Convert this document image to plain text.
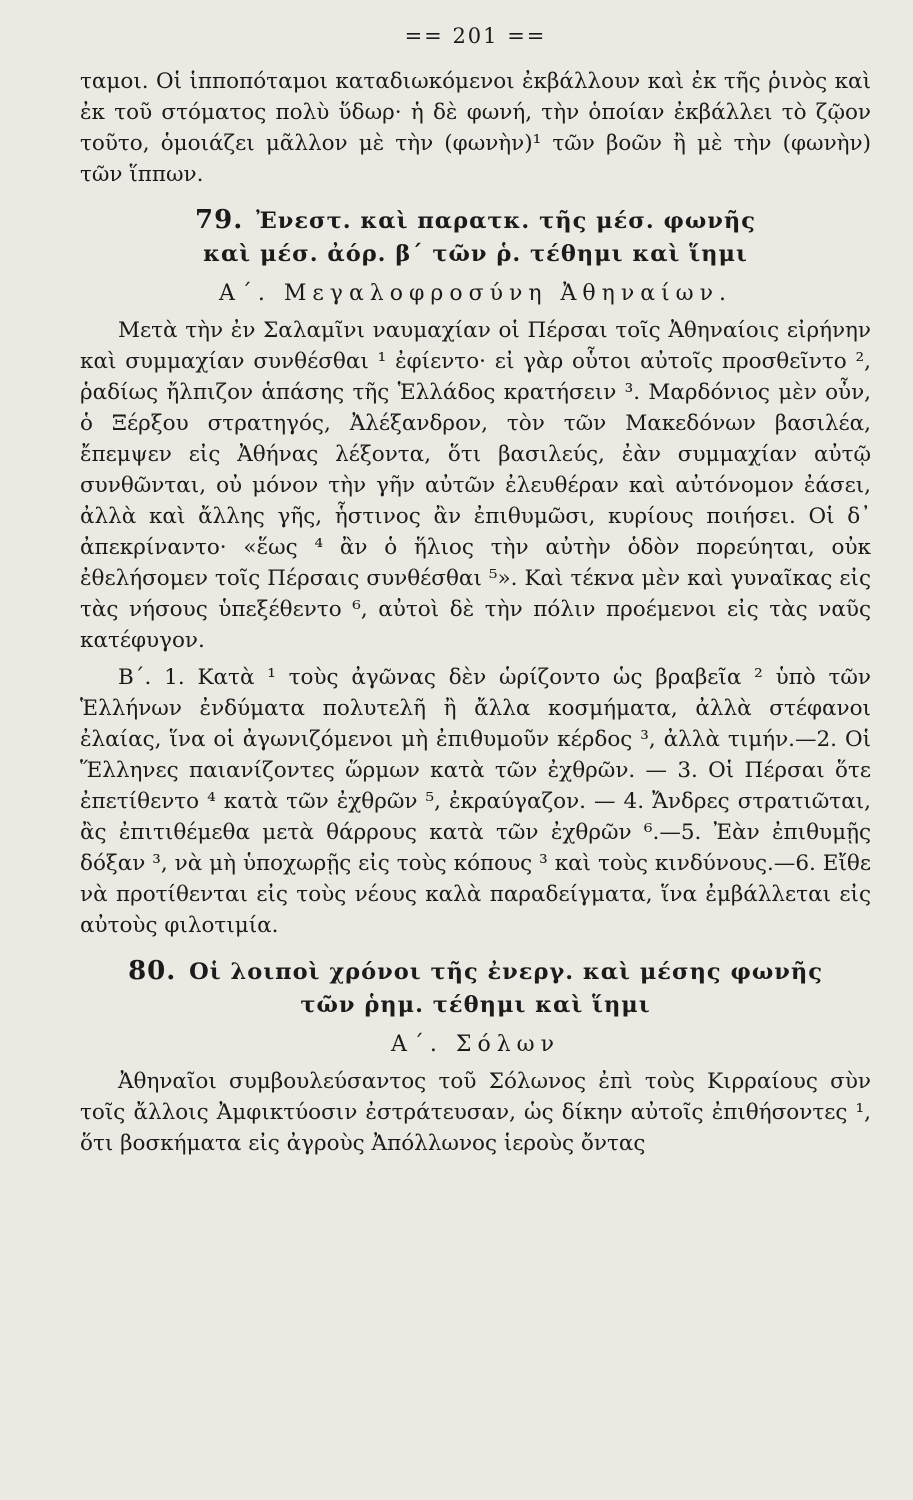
== 201 ==

ταμοι. Οἱ ἱπποπόταμοι καταδιωκόμενοι ἐκβάλλουν καὶ ἐκ τῆς ῥινὸς καὶ ἐκ τοῦ στόματος πολὺ ὕδωρ· ἡ δὲ φωνή, τὴν ὁποίαν ἐκβάλλει τὸ ζῷον τοῦτο, ὁμοιάζει μᾶλλον μὲ τὴν (φωνὴν)¹ τῶν βοῶν ἢ μὲ τὴν (φωνὴν) τῶν ἵππων.

79. Ἐνεστ. καὶ παρατκ. τῆς μέσ. φωνῆς
καὶ μέσ. ἀόρ. β΄ τῶν ῥ. τέθημι καὶ ἵημι
Α΄. Μεγαλοφροσύνη Ἀθηναίων.

Μετὰ τὴν ἐν Σαλαμῖνι ναυμαχίαν οἱ Πέρσαι τοῖς Ἀθηναίοις εἰρήνην καὶ συμμαχίαν συνθέσθαι ¹ ἐφίεντο· εἰ γὰρ οὗτοι αὐτοῖς προσθεῖντο ², ῥαδίως ἤλπιζον ἁπάσης τῆς Ἑλλάδος κρατήσειν ³. Μαρδόνιος μὲν οὖν, ὁ Ξέρξου στρατηγός, Ἀλέξανδρον, τὸν τῶν Μακεδόνων βασιλέα, ἔπεμψεν εἰς Ἀθήνας λέξοντα, ὅτι βασιλεύς, ἐὰν συμμαχίαν αὐτῷ συνθῶνται, οὐ μόνον τὴν γῆν αὐτῶν ἐλευθέραν καὶ αὐτόνομον ἐάσει, ἀλλὰ καὶ ἄλλης γῆς, ἧστινος ἂν ἐπιθυμῶσι, κυρίους ποιήσει. Οἱ δ᾽ ἀπεκρίναντο· «ἕως ⁴ ἂν ὁ ἥλιος τὴν αὐτὴν ὁδὸν πορεύηται, οὐκ ἐθελήσομεν τοῖς Πέρσαις συνθέσθαι ⁵». Καὶ τέκνα μὲν καὶ γυναῖκας εἰς τὰς νήσους ὑπεξέθεντο ⁶, αὐτοὶ δὲ τὴν πόλιν προέμενοι εἰς τὰς ναῦς κατέφυγον.

Β΄. 1. Κατὰ ¹ τοὺς ἀγῶνας δὲν ὡρίζοντο ὡς βραβεῖα ² ὑπὸ τῶν Ἑλλήνων ἐνδύματα πολυτελῆ ἢ ἄλλα κοσμήματα, ἀλλὰ στέφανοι ἐλαίας, ἵνα οἱ ἀγωνιζόμενοι μὴ ἐπιθυμοῦν κέρδος ³, ἀλλὰ τιμήν.—2. Οἱ Ἕλληνες παιανίζοντες ὥρμων κατὰ τῶν ἐχθρῶν. — 3. Οἱ Πέρσαι ὅτε ἐπετίθεντο ⁴ κατὰ τῶν ἐχθρῶν ⁵, ἐκραύγαζον. — 4. Ἄνδρες στρατιῶται, ἂς ἐπιτιθέμεθα μετὰ θάρρους κατὰ τῶν ἐχθρῶν ⁶.—5. Ἐὰν ἐπιθυμῇς δόξαν ³, νὰ μὴ ὑποχωρῇς εἰς τοὺς κόπους ³ καὶ τοὺς κινδύνους.—6. Εἴθε νὰ προτίθενται εἰς τοὺς νέους καλὰ παραδείγματα, ἵνα ἐμβάλλεται εἰς αὐτοὺς φιλοτιμία.

80. Οἱ λοιποὶ χρόνοι τῆς ἐνεργ. καὶ μέσης φωνῆς
τῶν ῥημ. τέθημι καὶ ἵημι
Α΄. Σόλων

Ἀθηναῖοι συμβουλεύσαντος τοῦ Σόλωνος ἐπὶ τοὺς Κιρραίους σὺν τοῖς ἄλλοις Ἀμφικτύοσιν ἐστράτευσαν, ὡς δίκην αὐτοῖς ἐπιθήσοντες ¹, ὅτι βοσκήματα εἰς ἀγροὺς Ἀπόλλωνος ἱεροὺς ὄντας
